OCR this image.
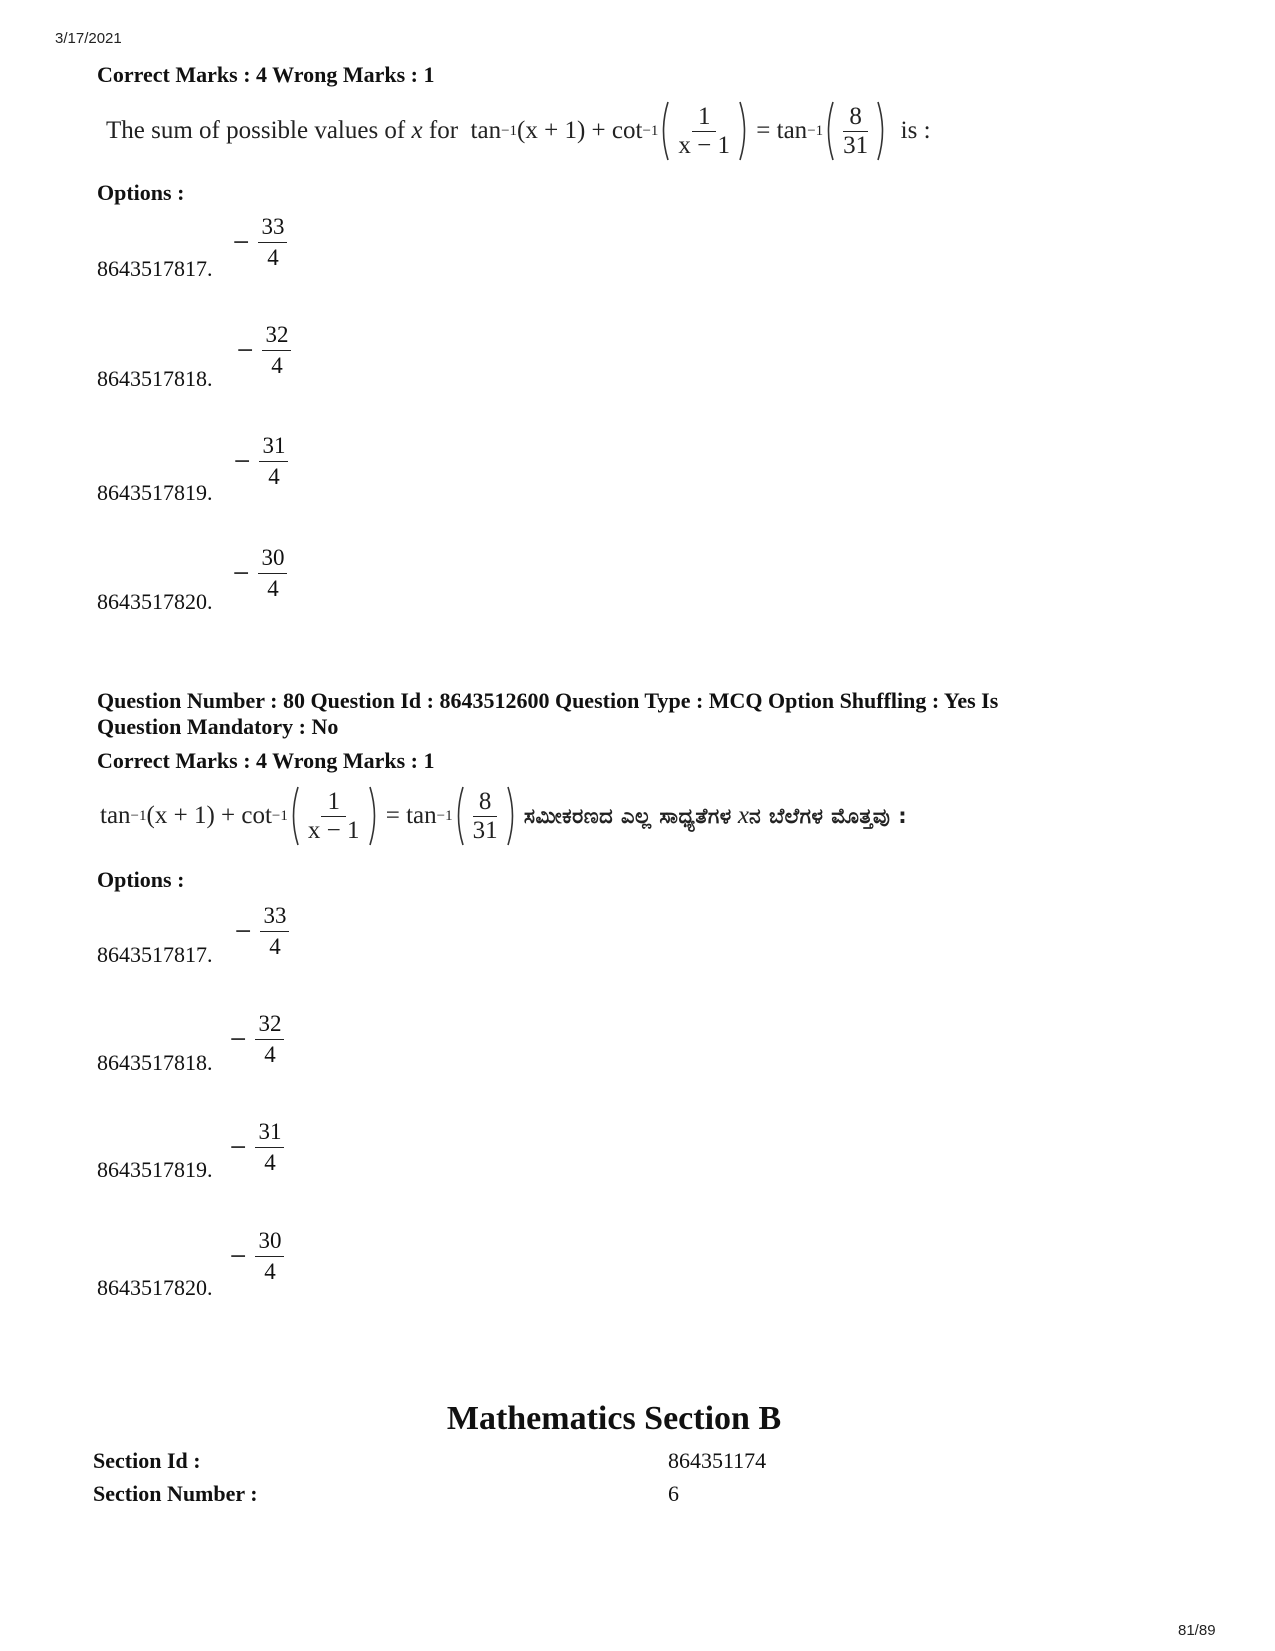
3/17/2021
Correct Marks : 4 Wrong Marks : 1
The sum of possible values of
x
for
tan −1 (x + 1) +
$\cot -1 \frac{1}{x - 1}$
=
$\tan -1 \frac{8}{31}$
is :
Options :
8643517817.
− $\frac{33}{4}$
8643517818.
− $\frac{32}{4}$
8643517819.
− $\frac{31}{4}$
8643517820.
− $\frac{30}{4}$
Question Number : 80 Question Id : 8643512600 Question Type : MCQ Option Shuffling : Yes Is
Question Mandatory : No
Correct Marks : 4 Wrong Marks : 1
tan −1 (x + 1) +
$\cot -1 \frac{1}{x - 1}$
=
$\tan -1 \frac{8}{31}$
ಸಮೀಕರಣದ ಎಲ್ಲ ಸಾಧ್ಯತೆಗಳ
x ನ ಬೆಲೆಗಳ ಮೊತ್ತವು :
Options :
8643517817.
− $\frac{33}{4}$
8643517818.
− $\frac{32}{4}$
8643517819.
− $\frac{31}{4}$
8643517820.
− $\frac{30}{4}$
Mathematics Section B
Section Id :	864351174
Section Number :	6
81/89
